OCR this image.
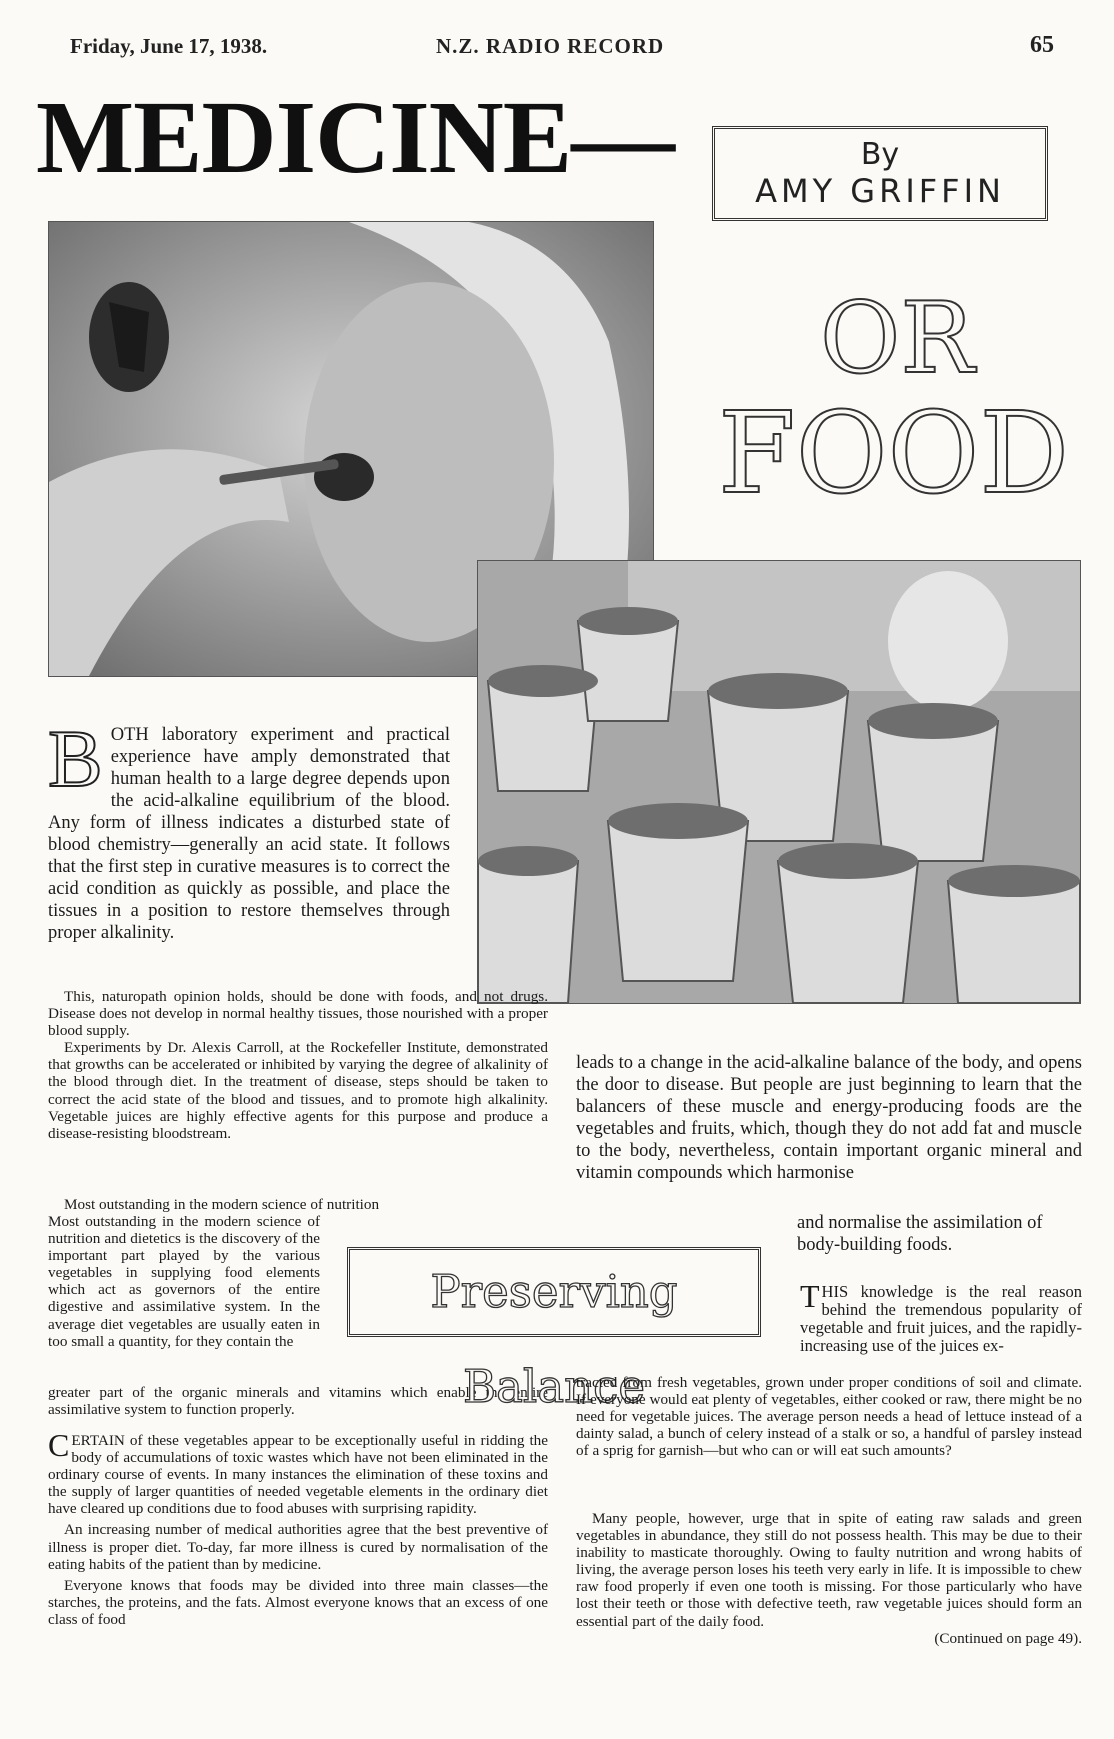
Friday, June 17, 1938.	N.Z. RADIO RECORD	65
MEDICINE—	By
AMY GRIFFIN
OR
FOOD
B OTH laboratory experiment and practical experience have amply demonstrated that human health to a large degree depends upon the acid-alkaline equilibrium of the blood. Any form of illness indicates a disturbed state of blood chemistry—generally an acid state. It follows that the first step in curative measures is to correct the acid condition as quickly as possible, and place the tissues in a position to restore themselves through proper alkalinity.

This, naturopath opinion holds, should be done with foods, and not drugs. Disease does not develop in normal healthy tissues, those nourished with a proper blood supply.

Experiments by Dr. Alexis Carroll, at the Rockefeller Institute, demonstrated that growths can be accelerated or inhibited by varying the degree of alkalinity of the blood through diet. In the treatment of disease, steps should be taken to correct the acid state of the blood and tissues, and to promote high alkalinity. Vegetable juices are highly effective agents for this purpose and produce a disease-resisting bloodstream.

Most outstanding in the modern science of nutrition

Most outstanding in the modern science of nutrition and dietetics is the discovery of the important part played by the various vegetables in supplying food elements which act as governors of the entire digestive and assimilative system. In the average diet vegetables are usually eaten in too small a quantity, for they contain the
greater part of the organic minerals and vitamins which enable the entire assimilative system to function properly.
Preserving Balance

CERTAIN of these vegetables appear to be exceptionally useful in ridding the body of accumulations of toxic wastes which have not been eliminated in the ordinary course of events. In many instances the elimination of these toxins and the supply of larger quantities of needed vegetable elements in the ordinary diet have cleared up conditions due to food abuses with surprising rapidity.

An increasing number of medical authorities agree that the best preventive of illness is proper diet. To-day, far more illness is cured by normalisation of the eating habits of the patient than by medicine.

Everyone knows that foods may be divided into three main classes—the starches, the proteins, and the fats. Almost everyone knows that an excess of one class of food

leads to a change in the acid-alkaline balance of the body, and opens the door to disease. But people are just beginning to learn that the balancers of these muscle and energy-producing foods are the vegetables and fruits, which, though they do not add fat and muscle to the body, nevertheless, contain important organic mineral and vitamin compounds which harmonise
and normalise the assimilation of body-building foods.
THIS knowledge is the real reason behind the tremendous popularity of vegetable and fruit juices, and the rapidly-increasing use of the juices ex-
tracted from fresh vegetables, grown under proper conditions of soil and climate. If everyone would eat plenty of vegetables, either cooked or raw, there might be no need for vegetable juices. The average person needs a head of lettuce instead of a dainty salad, a bunch of celery instead of a stalk or so, a handful of parsley instead of a sprig for garnish—but who can or will eat such amounts?

Many people, however, urge that in spite of eating raw salads and green vegetables in abundance, they still do not possess health. This may be due to their inability to masticate thoroughly. Owing to faulty nutrition and wrong habits of living, the average person loses his teeth very early in life. It is impossible to chew raw food properly if even one tooth is missing. For those particularly who have lost their teeth or those with defective teeth, raw vegetable juices should form an essential part of the daily food.

(Continued on page 49).
